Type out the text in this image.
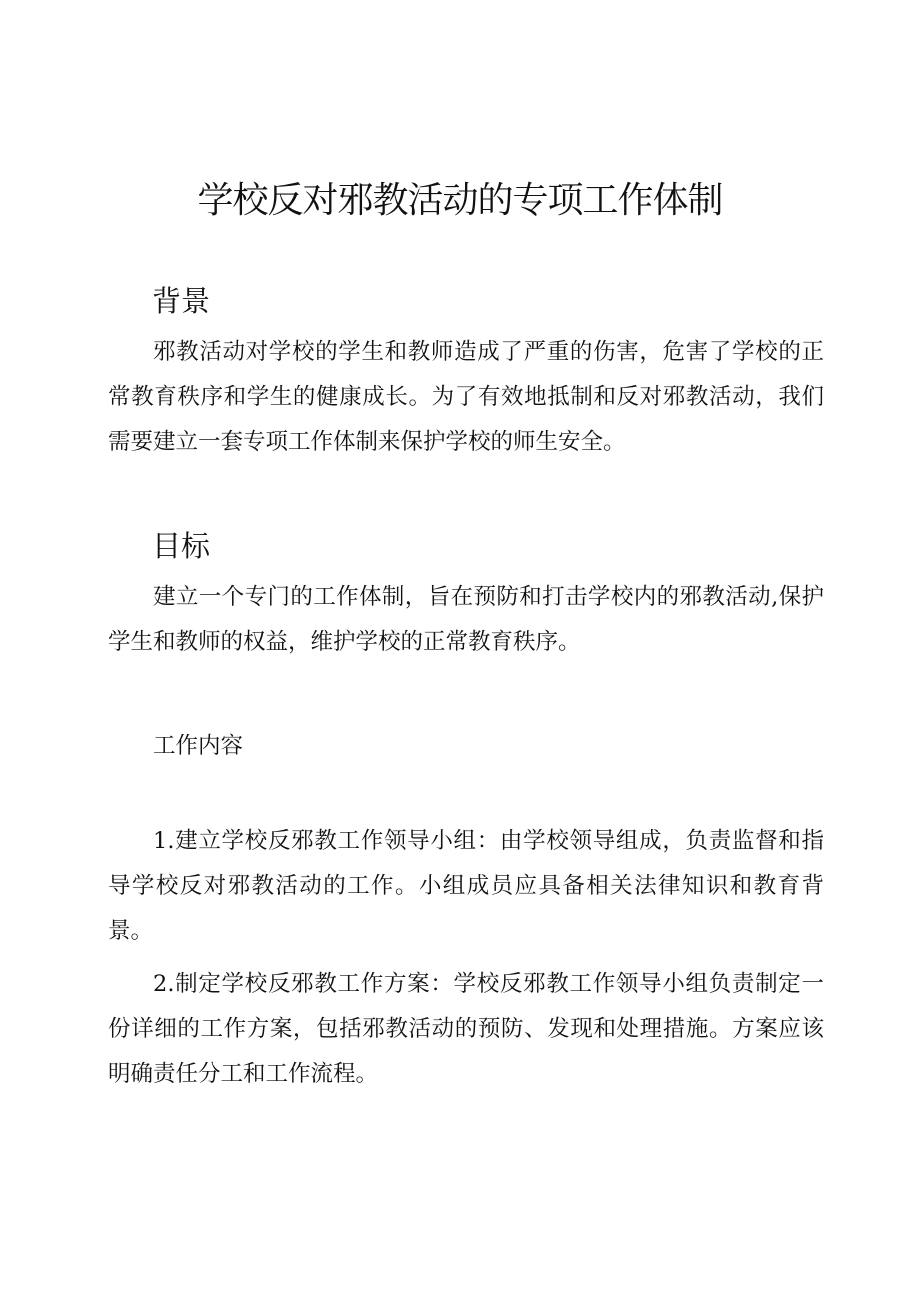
学校反对邪教活动的专项工作体制
背景

邪教活动对学校的学生和教师造成了严重的伤害，危害了学校的正常教育秩序和学生的健康成长。为了有效地抵制和反对邪教活动，我们需要建立一套专项工作体制来保护学校的师生安全。

目标

建立一个专门的工作体制，旨在预防和打击学校内的邪教活动,保护学生和教师的权益，维护学校的正常教育秩序。

工作内容

1.建立学校反邪教工作领导小组：由学校领导组成，负责监督和指导学校反对邪教活动的工作。小组成员应具备相关法律知识和教育背景。

2.制定学校反邪教工作方案：学校反邪教工作领导小组负责制定一份详细的工作方案，包括邪教活动的预防、发现和处理措施。方案应该明确责任分工和工作流程。
